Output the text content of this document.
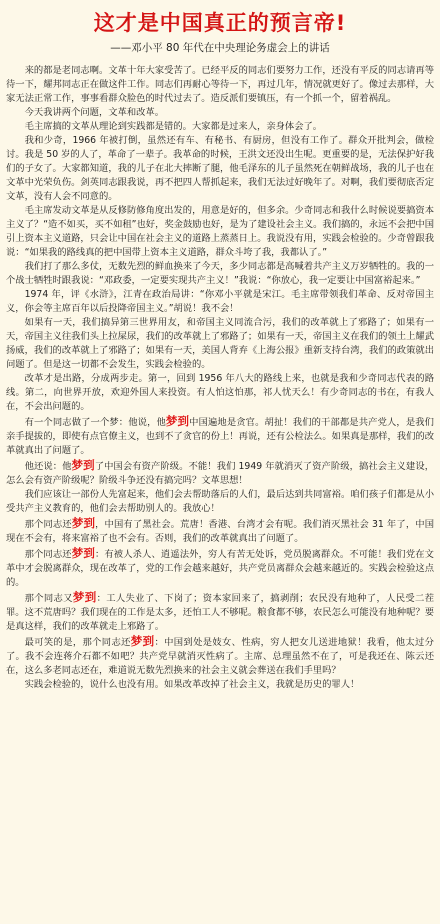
这才是中国真正的预言帝!
——邓小平 80 年代在中央理论务虚会上的讲话

来的都是老同志啊。文革十年大家受苦了。已经平反的同志们要努力工作，还没有平反的同志请再等待一下，耀邦同志正在做这件工作。同志们再耐心等待一下，再过几年，情况就更好了。像过去那样，大家无法正常工作，事事看群众脸色的时代过去了。造反派们要镇压，有一个抓一个，留着祸乱。

今天我讲两个问题，文革和改革。

毛主席搞的文革从理论到实践都是错的。大家都是过来人，亲身体会了。

我和少奇，1966 年被打倒，虽然还有车、有秘书、有厨房，但没有工作了。群众开批判会，做检讨。我是 50 岁的人了，革命了一辈子。我革命的时候，王洪文还没出生呢。更重要的是，无法保护好我们的子女了。大家都知道，我的儿子在北大摔断了腿，他毛泽东的儿子虽然死在朝鲜战场，我的儿子也在文革中光荣负伤。剑英同志跟我说，再不把四人帮抓起来，我们无法过好晚年了。对啊，我们要彻底否定文革，没有人会不同意的。

毛主席发动文革是从反修防修角度出发的，用意是好的，但多余。少奇同志和我什么时候说要搞资本主义了？“造不如买，买不如租”也好，奖金鼓励也好，是为了建设社会主义。我们搞的，永远不会把中国引上资本主义道路，只会让中国在社会主义的道路上蒸蒸日上。我说没有用，实践会检验的。少奇曾跟我说：“如果我的路线真的把中国带上资本主义道路，群众斗垮了我，我都认了。”

我们打了那么多仗，无数先烈的鲜血换来了今天，多少同志都是高喊着共产主义万岁牺牲的。我的一个战士牺牲时跟我说：“邓政委，一定要实现共产主义！”我说：“你放心，我一定要让中国富裕起来。”

1974 年，评《水浒》，江青在政治局讲：“你邓小平就是宋江。毛主席带领我们革命、反对帝国主义，你会等主席百年以后投降帝国主义。”胡说！我不会！

如果有一天，我们搞异第三世界用友，和帝国主义同流合污，我们的改革就上了邪路了；如果有一天，帝国主义往我们头上拉屎尿，我们的改革就上了邪路了；如果有一天，帝国主义在我们的领土上耀武扬威，我们的改革就上了邪路了；如果有一天，美国人背弃《上海公报》重新支持台湾，我们的政策就出问题了。但是这一切都不会发生，实践会检验的。

改革才是出路，分成两步走。第一，回到 1956 年八大的路线上来，也就是我和少奇同志代表的路线。第二，向世界开放，欢迎外国人来投资。有人怕这怕那，祁人忧天么！有少奇同志的书在，有我人在，不会出问题的。

有一个同志做了一个梦：他说，他梦到中国遍地是贪官。胡扯！我们的干部都是共产党人，是我们亲手提拔的，即使有点官僚主义，也到不了贪官的份上！再说，还有公检法么。如果真是那样，我们的改革就真出了问题了。

他还说：他梦到了中国会有资产阶级。不能！我们 1949 年就消灭了资产阶级，搞社会主义建设，怎么会有资产阶级呢？阶级斗争还没有搞完吗？文革思想！

我们应该让一部份人先富起来，他们会去帮助落后的人们，最后达到共同富裕。咱们孩子们都是从小受共产主义教育的，他们会去帮助别人的。我放心！

那个同志还梦到，中国有了黑社会。荒唐！香港、台湾才会有呢。我们消灭黑社会 31 年了，中国现在不会有，将来富裕了也不会有。否则，我们的改革就真出了问题了。

那个同志还梦到：有被人杀人、逍遥法外，穷人有苦无处诉，党员脱离群众。不可能！我们党在文革中才会脱离群众，现在改革了，党的工作会越来越好，共产党员离群众会越来越近的。实践会检验这点的。

那个同志又梦到：工人失业了、下岗了；资本家回来了，搞剥削；农民没有地种了，人民受二茬罪。这不荒唐吗？我们现在的工作是太多，还怕工人不够呢。粮食都不够，农民怎么可能没有地种呢？要是真这样，我们的改革就走上邪路了。

最可笑的是，那个同志还梦到：中国到处是妓女、性病，穷人把女儿送进地狱！我看，他太过分了。我不会连蒋介石都不如吧？共产党早就消灭性病了。主席、总理虽然不在了，可是我还在、陈云还在，这么多老同志还在，难道说无数先烈换来的社会主义就会葬送在我们手里吗？

实践会检验的，说什么也没有用。如果改革改掉了社会主义，我就是历史的罪人！
